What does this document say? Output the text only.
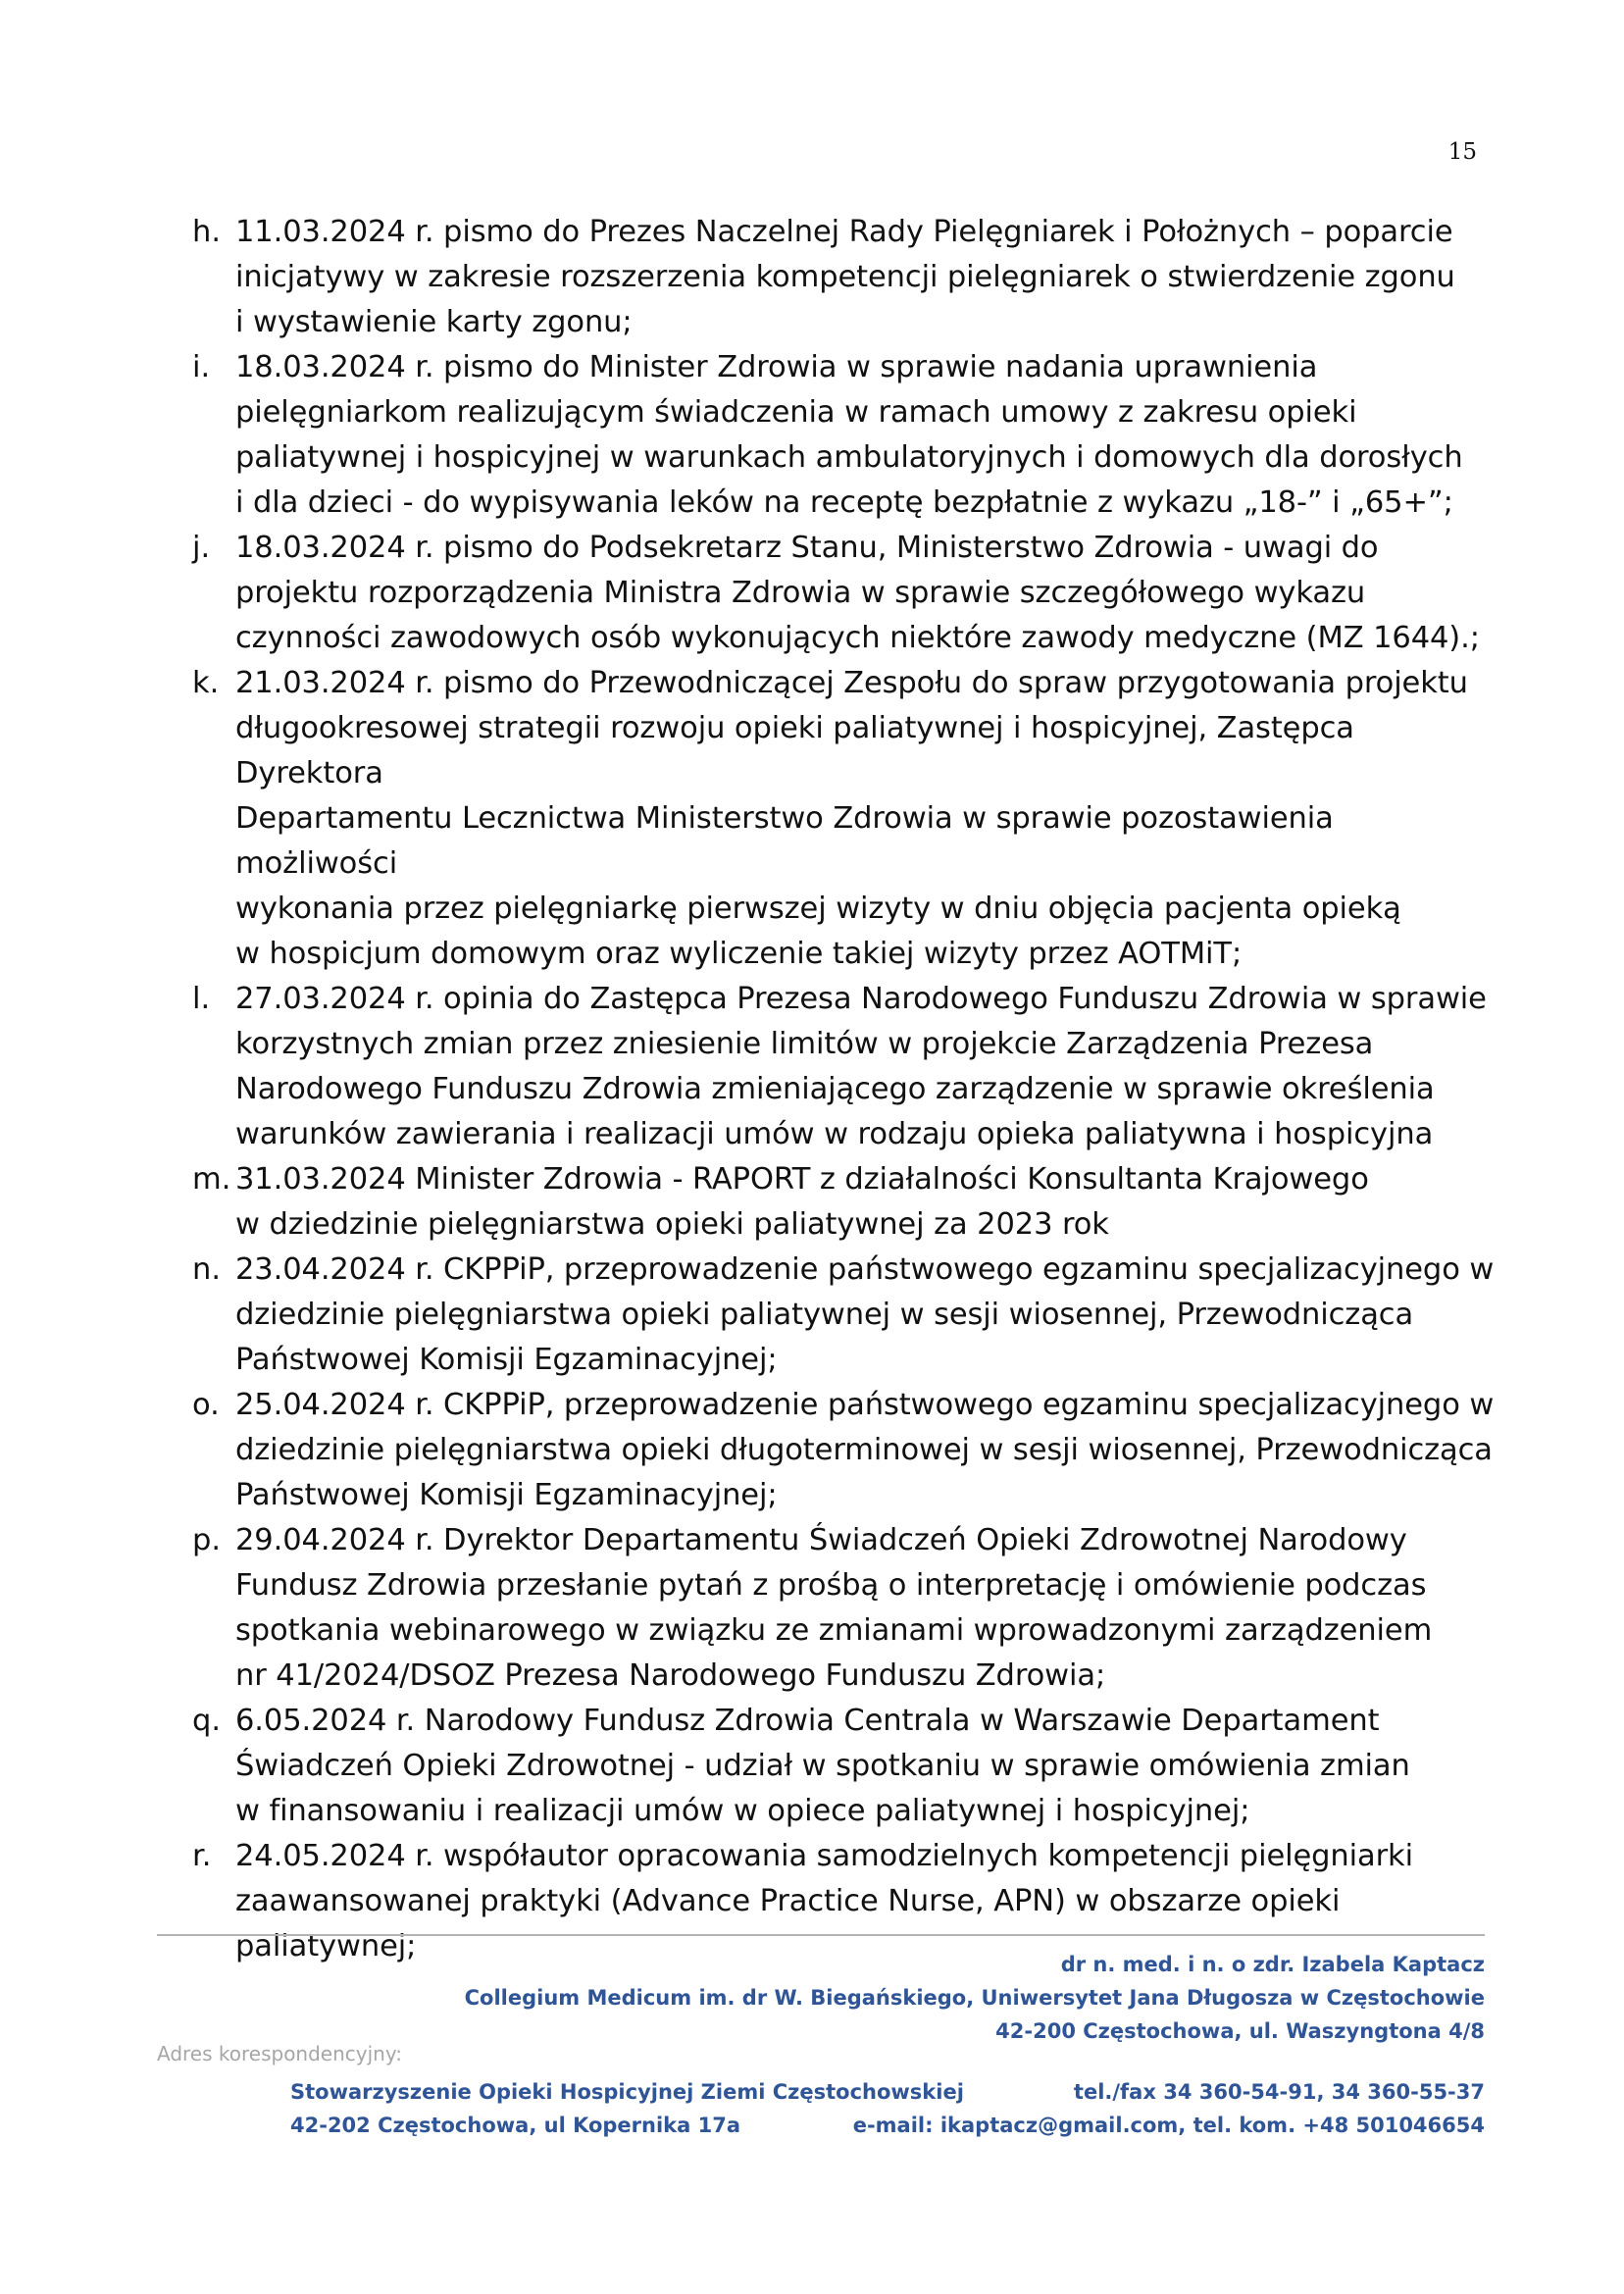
15
h. 11.03.2024 r. pismo do Prezes Naczelnej Rady Pielęgniarek i Położnych – poparcie
inicjatywy w zakresie rozszerzenia kompetencji pielęgniarek o stwierdzenie zgonu
i wystawienie karty zgonu;
i. 18.03.2024 r. pismo do Minister Zdrowia w sprawie nadania uprawnienia
pielęgniarkom realizującym świadczenia w ramach umowy z zakresu opieki
paliatywnej i hospicyjnej w warunkach ambulatoryjnych i domowych dla dorosłych
i dla dzieci - do wypisywania leków na receptę bezpłatnie z wykazu „18-” i „65+”;
j. 18.03.2024 r. pismo do Podsekretarz Stanu, Ministerstwo Zdrowia - uwagi do
projektu rozporządzenia Ministra Zdrowia w sprawie szczegółowego wykazu
czynności zawodowych osób wykonujących niektóre zawody medyczne (MZ 1644).;
k. 21.03.2024 r. pismo do Przewodniczącej Zespołu do spraw przygotowania projektu
długookresowej strategii rozwoju opieki paliatywnej i hospicyjnej, Zastępca Dyrektora
Departamentu Lecznictwa Ministerstwo Zdrowia w sprawie pozostawienia możliwości
wykonania przez pielęgniarkę pierwszej wizyty w dniu objęcia pacjenta opieką
w hospicjum domowym oraz wyliczenie takiej wizyty przez AOTMiT;
l. 27.03.2024 r. opinia do Zastępca Prezesa Narodowego Funduszu Zdrowia w sprawie
korzystnych zmian przez zniesienie limitów w projekcie Zarządzenia Prezesa
Narodowego Funduszu Zdrowia zmieniającego zarządzenie w sprawie określenia
warunków zawierania i realizacji umów w rodzaju opieka paliatywna i hospicyjna
m. 31.03.2024 Minister Zdrowia - RAPORT z działalności Konsultanta Krajowego
w dziedzinie pielęgniarstwa opieki paliatywnej za 2023 rok
n. 23.04.2024 r. CKPPiP, przeprowadzenie państwowego egzaminu specjalizacyjnego w
dziedzinie pielęgniarstwa opieki paliatywnej w sesji wiosennej, Przewodnicząca
Państwowej Komisji Egzaminacyjnej;
o. 25.04.2024 r. CKPPiP, przeprowadzenie państwowego egzaminu specjalizacyjnego w
dziedzinie pielęgniarstwa opieki długoterminowej w sesji wiosennej, Przewodnicząca
Państwowej Komisji Egzaminacyjnej;
p. 29.04.2024 r. Dyrektor Departamentu Świadczeń Opieki Zdrowotnej Narodowy
Fundusz Zdrowia przesłanie pytań z prośbą o interpretację i omówienie podczas
spotkania webinarowego w związku ze zmianami wprowadzonymi zarządzeniem
nr 41/2024/DSOZ Prezesa Narodowego Funduszu Zdrowia;
q. 6.05.2024 r. Narodowy Fundusz Zdrowia Centrala w Warszawie Departament
Świadczeń Opieki Zdrowotnej - udział w spotkaniu w sprawie omówienia zmian
w finansowaniu i realizacji umów w opiece paliatywnej i hospicyjnej;
r. 24.05.2024 r. współautor opracowania samodzielnych kompetencji pielęgniarki
zaawansowanej praktyki (Advance Practice Nurse, APN) w obszarze opieki
paliatywnej;
dr n. med. i n. o zdr. Izabela Kaptacz
Collegium Medicum im. dr W. Biegańskiego, Uniwersytet Jana Długosza w Częstochowie
42-200 Częstochowa, ul. Waszyngtona 4/8
Adres korespondencyjny:
Stowarzyszenie Opieki Hospicyjnej Ziemi Częstochowskiej	tel./fax 34 360-54-91, 34 360-55-37
42-202 Częstochowa, ul Kopernika 17a	e-mail: ikaptacz@gmail.com, tel. kom. +48 501046654
